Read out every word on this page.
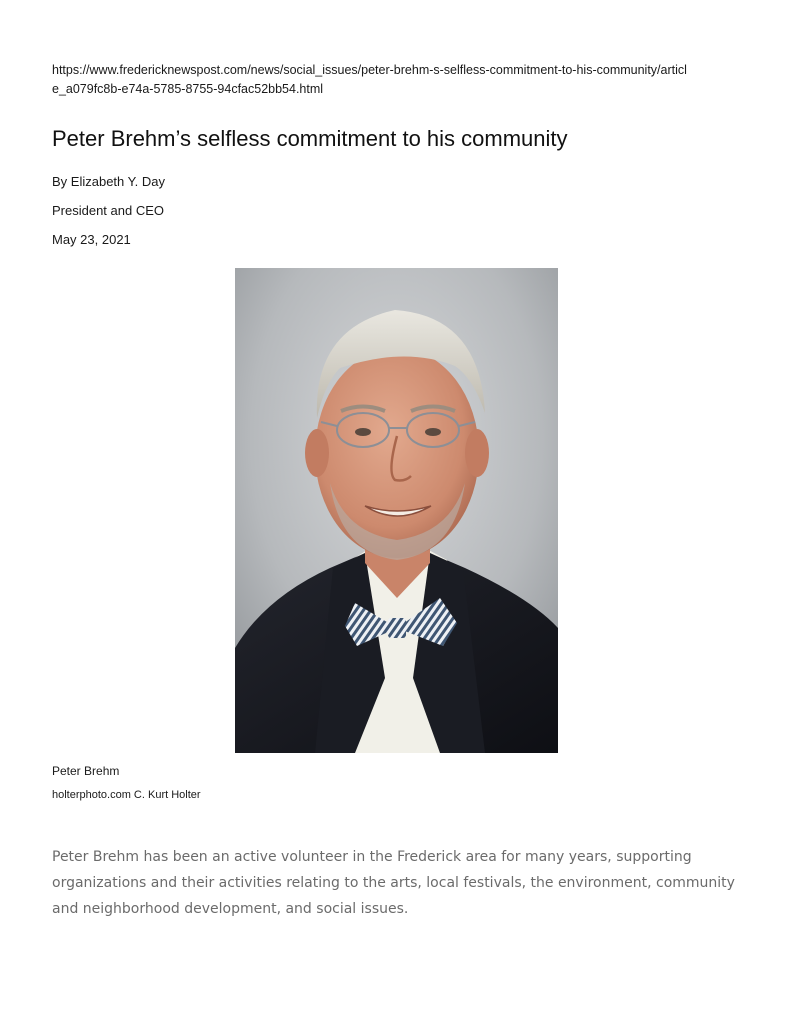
https://www.fredericknewspost.com/news/social_issues/peter-brehm-s-selfless-commitment-to-his-community/article_a079fc8b-e74a-5785-8755-94cfac52bb54.html
Peter Brehm’s selfless commitment to his community
By Elizabeth Y. Day
President and CEO
May 23, 2021
Peter Brehm
holterphoto.com C. Kurt Holter

Peter Brehm has been an active volunteer in the Frederick area for many years, supporting organizations and their activities relating to the arts, local festivals, the environment, community and neighborhood development, and social issues.
